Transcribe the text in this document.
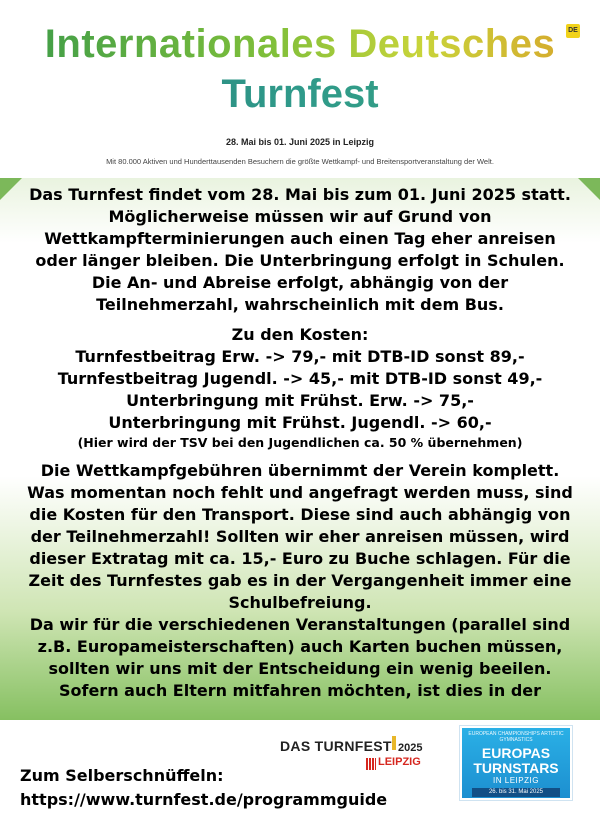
Internationales Deutsches	DE
Turnfest
28. Mai bis 01. Juni 2025 in Leipzig
Mit 80.000 Aktiven und Hunderttausenden Besuchern die größte Wettkampf- und Breitensportveranstaltung der Welt.
Das Turnfest findet vom 28. Mai bis zum 01. Juni 2025 statt.
Möglicherweise müssen wir auf Grund von
Wettkampfterminierungen auch einen Tag eher anreisen
oder länger bleiben. Die Unterbringung erfolgt in Schulen.
Die An- und Abreise erfolgt, abhängig von der
Teilnehmerzahl, wahrscheinlich mit dem Bus.
Zu den Kosten:
Turnfestbeitrag Erw. -> 79,- mit DTB-ID sonst 89,-
Turnfestbeitrag Jugendl. -> 45,- mit DTB-ID sonst 49,-
Unterbringung mit Frühst. Erw. -> 75,-
Unterbringung mit Frühst. Jugendl. -> 60,-
(Hier wird der TSV bei den Jugendlichen ca. 50 % übernehmen)
Die Wettkampfgebühren übernimmt der Verein komplett.
Was momentan noch fehlt und angefragt werden muss, sind
die Kosten für den Transport. Diese sind auch abhängig von
der Teilnehmerzahl! Sollten wir eher anreisen müssen, wird
dieser Extratag mit ca. 15,- Euro zu Buche schlagen. Für die
Zeit des Turnfestes gab es in der Vergangenheit immer eine
Schulbefreiung.
Da wir für die verschiedenen Veranstaltungen (parallel sind
z.B. Europameisterschaften) auch Karten buchen müssen,
sollten wir uns mit der Entscheidung ein wenig beeilen.
Sofern auch Eltern mitfahren möchten, ist dies in der
DAS TURNFEST 2025
LEIPZIG
EUROPEAN CHAMPIONSHIPS ARTISTIC GYMNASTICS
EUROPAS
TURNSTARS
IN LEIPZIG
26. bis 31. Mai 2025
Zum Selberschnüffeln:
https://www.turnfest.de/programmguide
